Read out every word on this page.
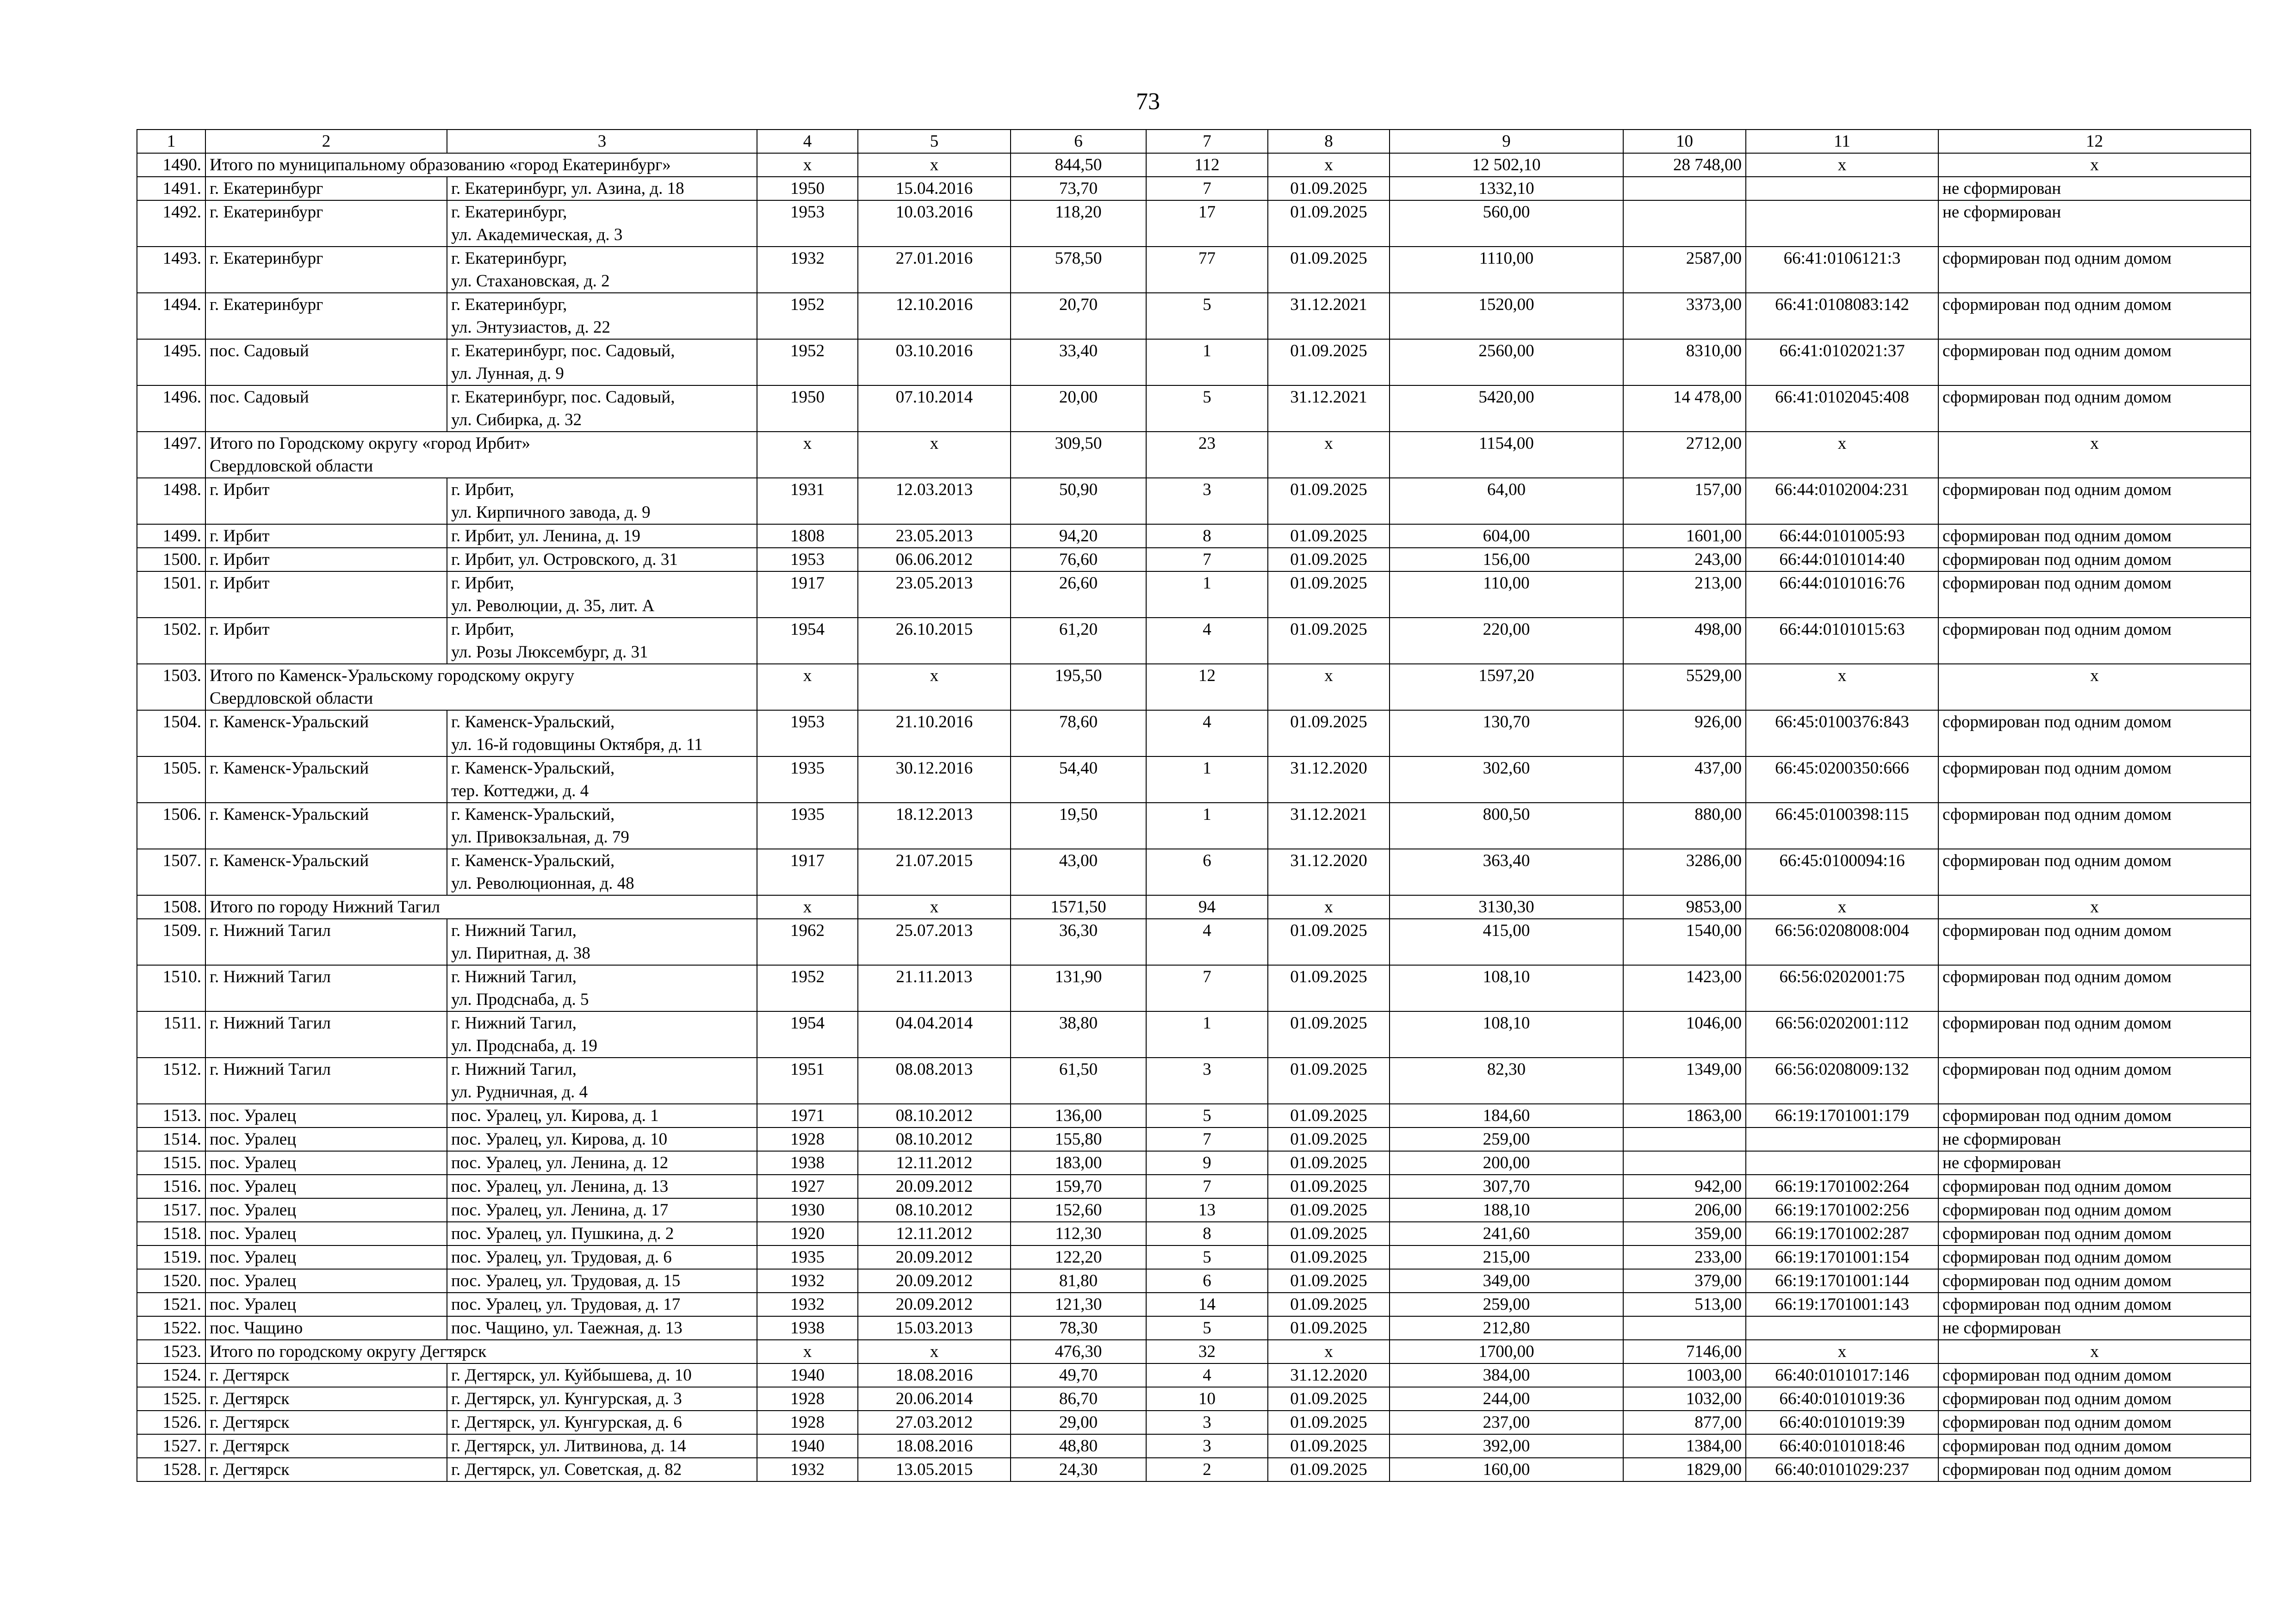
73
1	2	3	4	5	6	7	8	9	10	11	12
1490.	Итого по муниципальному образованию «город Екатеринбург»		х	х	844,50	112	х	12 502,10	28 748,00	х	х
1491.	г. Екатеринбург	г. Екатеринбург, ул. Азина, д. 18	1950	15.04.2016	73,70	7	01.09.2025	1332,10			не сформирован
1492.	г. Екатеринбург	г. Екатеринбург,
ул. Академическая, д. 3	1953	10.03.2016	118,20	17	01.09.2025	560,00			не сформирован
1493.	г. Екатеринбург	г. Екатеринбург,
ул. Стахановская, д. 2	1932	27.01.2016	578,50	77	01.09.2025	1110,00	2587,00	66:41:0106121:3	сформирован под одним домом
1494.	г. Екатеринбург	г. Екатеринбург,
ул. Энтузиастов, д. 22	1952	12.10.2016	20,70	5	31.12.2021	1520,00	3373,00	66:41:0108083:142	сформирован под одним домом
1495.	пос. Садовый	г. Екатеринбург, пос. Садовый,
ул. Лунная, д. 9	1952	03.10.2016	33,40	1	01.09.2025	2560,00	8310,00	66:41:0102021:37	сформирован под одним домом
1496.	пос. Садовый	г. Екатеринбург, пос. Садовый,
ул. Сибирка, д. 32	1950	07.10.2014	20,00	5	31.12.2021	5420,00	14 478,00	66:41:0102045:408	сформирован под одним домом
1497.	Итого по Городскому округу «город Ирбит»
Свердловской области		х	х	309,50	23	х	1154,00	2712,00	х	х
1498.	г. Ирбит	г. Ирбит,
ул. Кирпичного завода, д. 9	1931	12.03.2013	50,90	3	01.09.2025	64,00	157,00	66:44:0102004:231	сформирован под одним домом
1499.	г. Ирбит	г. Ирбит, ул. Ленина, д. 19	1808	23.05.2013	94,20	8	01.09.2025	604,00	1601,00	66:44:0101005:93	сформирован под одним домом
1500.	г. Ирбит	г. Ирбит, ул. Островского, д. 31	1953	06.06.2012	76,60	7	01.09.2025	156,00	243,00	66:44:0101014:40	сформирован под одним домом
1501.	г. Ирбит	г. Ирбит,
ул. Революции, д. 35, лит. А	1917	23.05.2013	26,60	1	01.09.2025	110,00	213,00	66:44:0101016:76	сформирован под одним домом
1502.	г. Ирбит	г. Ирбит,
ул. Розы Люксембург, д. 31	1954	26.10.2015	61,20	4	01.09.2025	220,00	498,00	66:44:0101015:63	сформирован под одним домом
1503.	Итого по Каменск-Уральскому городскому округу
Свердловской области		х	х	195,50	12	х	1597,20	5529,00	х	х
1504.	г. Каменск-Уральский	г. Каменск-Уральский,
ул. 16-й годовщины Октября, д. 11	1953	21.10.2016	78,60	4	01.09.2025	130,70	926,00	66:45:0100376:843	сформирован под одним домом
1505.	г. Каменск-Уральский	г. Каменск-Уральский,
тер. Коттеджи, д. 4	1935	30.12.2016	54,40	1	31.12.2020	302,60	437,00	66:45:0200350:666	сформирован под одним домом
1506.	г. Каменск-Уральский	г. Каменск-Уральский,
ул. Привокзальная, д. 79	1935	18.12.2013	19,50	1	31.12.2021	800,50	880,00	66:45:0100398:115	сформирован под одним домом
1507.	г. Каменск-Уральский	г. Каменск-Уральский,
ул. Революционная, д. 48	1917	21.07.2015	43,00	6	31.12.2020	363,40	3286,00	66:45:0100094:16	сформирован под одним домом
1508.	Итого по городу Нижний Тагил		х	х	1571,50	94	х	3130,30	9853,00	х	х
1509.	г. Нижний Тагил	г. Нижний Тагил,
ул. Пиритная, д. 38	1962	25.07.2013	36,30	4	01.09.2025	415,00	1540,00	66:56:0208008:004	сформирован под одним домом
1510.	г. Нижний Тагил	г. Нижний Тагил,
ул. Продснаба, д. 5	1952	21.11.2013	131,90	7	01.09.2025	108,10	1423,00	66:56:0202001:75	сформирован под одним домом
1511.	г. Нижний Тагил	г. Нижний Тагил,
ул. Продснаба, д. 19	1954	04.04.2014	38,80	1	01.09.2025	108,10	1046,00	66:56:0202001:112	сформирован под одним домом
1512.	г. Нижний Тагил	г. Нижний Тагил,
ул. Рудничная, д. 4	1951	08.08.2013	61,50	3	01.09.2025	82,30	1349,00	66:56:0208009:132	сформирован под одним домом
1513.	пос. Уралец	пос. Уралец, ул. Кирова, д. 1	1971	08.10.2012	136,00	5	01.09.2025	184,60	1863,00	66:19:1701001:179	сформирован под одним домом
1514.	пос. Уралец	пос. Уралец, ул. Кирова, д. 10	1928	08.10.2012	155,80	7	01.09.2025	259,00			не сформирован
1515.	пос. Уралец	пос. Уралец, ул. Ленина, д. 12	1938	12.11.2012	183,00	9	01.09.2025	200,00			не сформирован
1516.	пос. Уралец	пос. Уралец, ул. Ленина, д. 13	1927	20.09.2012	159,70	7	01.09.2025	307,70	942,00	66:19:1701002:264	сформирован под одним домом
1517.	пос. Уралец	пос. Уралец, ул. Ленина, д. 17	1930	08.10.2012	152,60	13	01.09.2025	188,10	206,00	66:19:1701002:256	сформирован под одним домом
1518.	пос. Уралец	пос. Уралец, ул. Пушкина, д. 2	1920	12.11.2012	112,30	8	01.09.2025	241,60	359,00	66:19:1701002:287	сформирован под одним домом
1519.	пос. Уралец	пос. Уралец, ул. Трудовая, д. 6	1935	20.09.2012	122,20	5	01.09.2025	215,00	233,00	66:19:1701001:154	сформирован под одним домом
1520.	пос. Уралец	пос. Уралец, ул. Трудовая, д. 15	1932	20.09.2012	81,80	6	01.09.2025	349,00	379,00	66:19:1701001:144	сформирован под одним домом
1521.	пос. Уралец	пос. Уралец, ул. Трудовая, д. 17	1932	20.09.2012	121,30	14	01.09.2025	259,00	513,00	66:19:1701001:143	сформирован под одним домом
1522.	пос. Чащино	пос. Чащино, ул. Таежная, д. 13	1938	15.03.2013	78,30	5	01.09.2025	212,80			не сформирован
1523.	Итого по городскому округу Дегтярск		х	х	476,30	32	х	1700,00	7146,00	х	х
1524.	г. Дегтярск	г. Дегтярск, ул. Куйбышева, д. 10	1940	18.08.2016	49,70	4	31.12.2020	384,00	1003,00	66:40:0101017:146	сформирован под одним домом
1525.	г. Дегтярск	г. Дегтярск, ул. Кунгурская, д. 3	1928	20.06.2014	86,70	10	01.09.2025	244,00	1032,00	66:40:0101019:36	сформирован под одним домом
1526.	г. Дегтярск	г. Дегтярск, ул. Кунгурская, д. 6	1928	27.03.2012	29,00	3	01.09.2025	237,00	877,00	66:40:0101019:39	сформирован под одним домом
1527.	г. Дегтярск	г. Дегтярск, ул. Литвинова, д. 14	1940	18.08.2016	48,80	3	01.09.2025	392,00	1384,00	66:40:0101018:46	сформирован под одним домом
1528.	г. Дегтярск	г. Дегтярск, ул. Советская, д. 82	1932	13.05.2015	24,30	2	01.09.2025	160,00	1829,00	66:40:0101029:237	сформирован под одним домом
